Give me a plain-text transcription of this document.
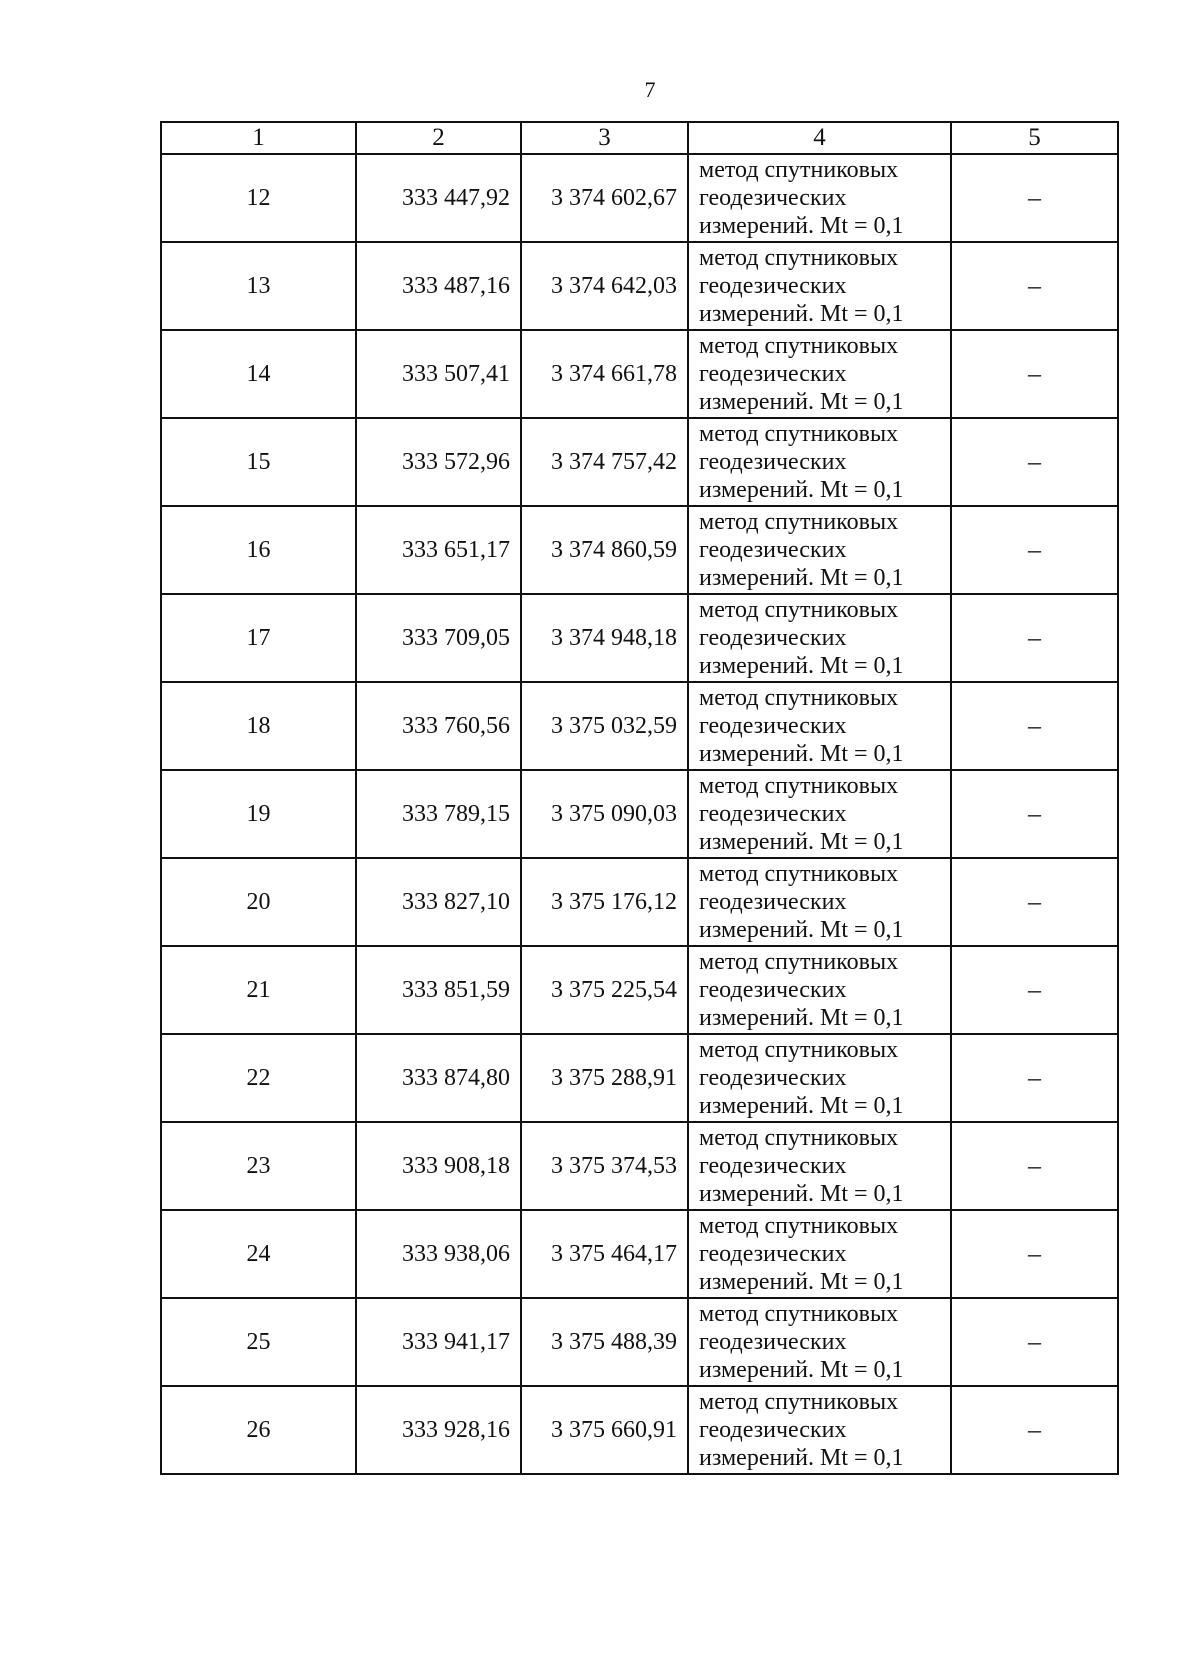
7
1	2	3	4	5
12	333 447,92	3 374 602,67	метод спутниковых
геодезических
измерений. Mt = 0,1	–
13	333 487,16	3 374 642,03	метод спутниковых
геодезических
измерений. Mt = 0,1	–
14	333 507,41	3 374 661,78	метод спутниковых
геодезических
измерений. Mt = 0,1	–
15	333 572,96	3 374 757,42	метод спутниковых
геодезических
измерений. Mt = 0,1	–
16	333 651,17	3 374 860,59	метод спутниковых
геодезических
измерений. Mt = 0,1	–
17	333 709,05	3 374 948,18	метод спутниковых
геодезических
измерений. Mt = 0,1	–
18	333 760,56	3 375 032,59	метод спутниковых
геодезических
измерений. Mt = 0,1	–
19	333 789,15	3 375 090,03	метод спутниковых
геодезических
измерений. Mt = 0,1	–
20	333 827,10	3 375 176,12	метод спутниковых
геодезических
измерений. Mt = 0,1	–
21	333 851,59	3 375 225,54	метод спутниковых
геодезических
измерений. Mt = 0,1	–
22	333 874,80	3 375 288,91	метод спутниковых
геодезических
измерений. Mt = 0,1	–
23	333 908,18	3 375 374,53	метод спутниковых
геодезических
измерений. Mt = 0,1	–
24	333 938,06	3 375 464,17	метод спутниковых
геодезических
измерений. Mt = 0,1	–
25	333 941,17	3 375 488,39	метод спутниковых
геодезических
измерений. Mt = 0,1	–
26	333 928,16	3 375 660,91	метод спутниковых
геодезических
измерений. Mt = 0,1	–
